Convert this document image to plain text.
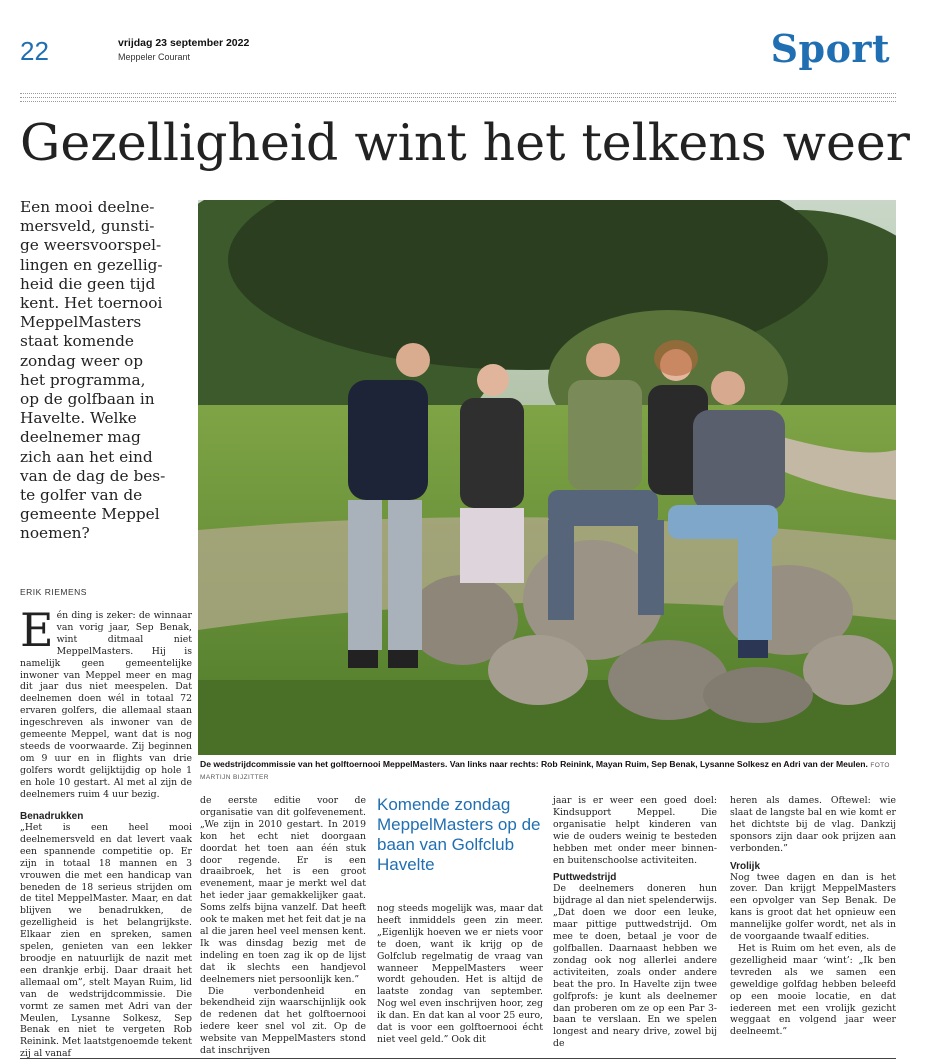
22	vrijdag 23 september 2022
Meppeler Courant	Sport
Gezelligheid wint het telkens weer
Een mooi deelne-
mersveld, gunsti-
ge weersvoorspel-
lingen en gezellig-
heid die geen tijd
kent. Het toernooi
MeppelMasters
staat komende
zondag weer op
het programma,
op de golfbaan in
Havelte. Welke
deelnemer mag
zich aan het eind
van de dag de bes-
te golfer van de
gemeente Meppel
noemen?
ERIK RIEMENS
E én ding is zeker: de winnaar van vorig jaar, Sep Benak, wint ditmaal niet MeppelMasters. Hij is namelijk geen gemeentelijke inwoner van Meppel meer en mag dit jaar dus niet meespelen. Dat deelnemen doen wél in totaal 72 ervaren golfers, die allemaal staan ingeschreven als inwoner van de gemeente Meppel, want dat is nog steeds de voorwaarde. Zij beginnen om 9 uur en in flights van drie golfers wordt gelijktijdig op hole 1 en hole 10 gestart. Al met al zijn de deelnemers ruim 4 uur bezig.

Benadrukken

„Het is een heel mooi deelnemersveld en dat levert vaak een spannende competitie op. Er zijn in totaal 18 mannen en 3 vrouwen die met een handicap van beneden de 18 serieus strijden om de titel MeppelMaster. Maar, en dat blijven we benadrukken, de gezelligheid is het belangrijkste. Elkaar zien en spreken, samen spelen, genieten van een lekker broodje en natuurlijk de nazit met een drankje erbij. Daar draait het allemaal om”, stelt Mayan Ruim, lid van de wedstrijdcommissie. Die vormt ze samen met Adri van der Meulen, Lysanne Solkesz, Sep Benak en niet te vergeten Rob Reinink. Met laatstgenoemde tekent zij al vanaf

De wedstrijdcommissie van het golftoernooi MeppelMasters. Van links naar rechts: Rob Reinink, Mayan Ruim, Sep Benak, Lysanne Solkesz en Adri van der Meulen. FOTO MARTIJN BIJZITTER

de eerste editie voor de organisatie van dit golfevenement. „We zijn in 2010 gestart. In 2019 kon het echt niet doorgaan doordat het toen aan één stuk door regende. Er is een draaibroek, het is een groot evenement, maar je merkt wel dat het ieder jaar gemakkelijker gaat. Soms zelfs bijna vanzelf. Dat heeft ook te maken met het feit dat je na al die jaren heel veel mensen kent. Ik was dinsdag bezig met de indeling en toen zag ik op de lijst dat ik slechts een handjevol deelnemers niet persoonlijk ken.”

Die verbondenheid en bekendheid zijn waarschijnlijk ook de redenen dat het golftoernooi iedere keer snel vol zit. Op de website van MeppelMasters stond dat inschrijven

Komende zondag MeppelMasters op de baan van Golfclub Havelte

nog steeds mogelijk was, maar dat heeft inmiddels geen zin meer. „Eigenlijk hoeven we er niets voor te doen, want ik krijg op de Golfclub regelmatig de vraag van wanneer MeppelMasters weer wordt gehouden. Het is altijd de laatste zondag van september. Nog wel even inschrijven hoor, zeg ik dan. En dat kan al voor 25 euro, dat is voor een golftoernooi écht niet veel geld.” Ook dit

jaar is er weer een goed doel: Kindsupport Meppel. Die organisatie helpt kinderen van wie de ouders weinig te besteden hebben met onder meer binnen- en buitenschoolse activiteiten.

Puttwedstrijd

De deelnemers doneren hun bijdrage al dan niet spelenderwijs. „Dat doen we door een leuke, maar pittige puttwedstrijd. Om mee te doen, betaal je voor de golfballen. Daarnaast hebben we zondag ook nog allerlei andere activiteiten, zoals onder andere beat the pro. In Havelte zijn twee golfprofs: je kunt als deelnemer dan proberen om ze op een Par 3-baan te verslaan. En we spelen longest and neary drive, zowel bij de

heren als dames. Oftewel: wie slaat de langste bal en wie komt er het dichtste bij de vlag. Dankzij sponsors zijn daar ook prijzen aan verbonden.”

Vrolijk

Nog twee dagen en dan is het zover. Dan krijgt MeppelMasters een opvolger van Sep Benak. De kans is groot dat het opnieuw een mannelijke golfer wordt, net als in de voorgaande twaalf edities.

Het is Ruim om het even, als de gezelligheid maar ‘wint’: „Ik ben tevreden als we samen een geweldige golfdag hebben beleefd op een mooie locatie, en dat iedereen met een vrolijk gezicht weggaat en volgend jaar weer deelneemt.”
